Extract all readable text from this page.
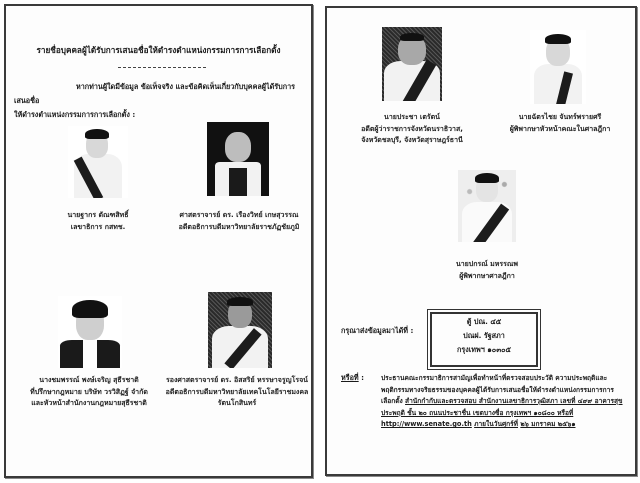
รายชื่อบุคคลผู้ได้รับการเสนอชื่อให้ดำรงตำแหน่งกรรมการการเลือกตั้ง
หากท่านผู้ใดมีข้อมูล ข้อเท็จจริง และข้อคิดเห็นเกี่ยวกับบุคคลผู้ได้รับการเสนอชื่อ
ให้ดำรงตำแหน่งกรรมการการเลือกตั้ง :
นายฐากร ตัณฑสิทธิ์
เลขาธิการ กสทช.
ศาสตราจารย์ ดร. เรืองวิทย์ เกษสุวรรณ
อดีตอธิการบดีมหาวิทยาลัยราชภัฏชัยภูมิ
นางชมพรรณ์ พงษ์เจริญ สุธีรชาติ
ที่ปรึกษากฎหมาย บริษัท วรวิสิฏฐ์ จำกัด
และหัวหน้าสำนักงานกฎหมายสุธีรชาติ
รองศาสตราจารย์ ดร. อิสสริย์ หรรษาจรูญโรจน์
อดีตอธิการบดีมหาวิทยาลัยเทคโนโลยีราชมงคล
รัตนโกสินทร์
นายประชา เตรัตน์
อดีตผู้ว่าราชการจังหวัดนราธิวาส,
จังหวัดชลบุรี, จังหวัดสุราษฎร์ธานี
นายฉัตรไชย จันทร์พรายศรี
ผู้พิพากษาหัวหน้าคณะในศาลฎีกา
นายปกรณ์ มหรรณพ
ผู้พิพากษาศาลฎีกา
กรุณาส่งข้อมูลมาได้ที่ :
ตู้ ปณ. ๔๕
ปณฝ. รัฐสภา
กรุงเทพฯ ๑๐๓๐๕
หรือที่ :	ประธานคณะกรรมาธิการสามัญเพื่อทำหน้าที่ตรวจสอบประวัติ ความประพฤติและพฤติกรรมทางจริยธรรมของบุคคลผู้ได้รับการเสนอชื่อให้ดำรงตำแหน่งกรรมการการเลือกตั้ง สำนักกำกับและตรวจสอบ สำนักงานเลขาธิการวุฒิสภา เลขที่ ๔๙๙ อาคารสุขประพฤติ ชั้น ๒๐ ถนนประชาชื่น เขตบางซื่อ กรุงเทพฯ ๑๐๘๐๐ หรือที่ http://www.senate.go.th ภายในวันศุกร์ที่ ๒๖ มกราคม ๒๕๖๑
